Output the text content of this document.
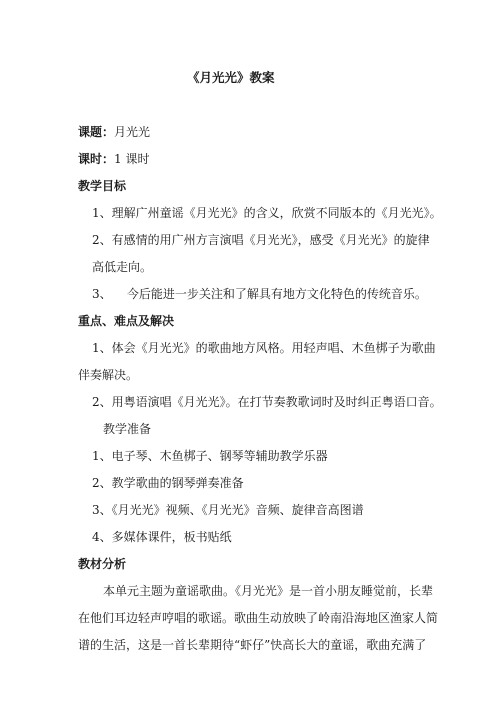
《月光光》教案
课题：月光光
课时：1 课时
教学目标
1、理解广州童谣《月光光》的含义，欣赏不同版本的《月光光》。
2、有感情的用广州方言演唱《月光光》，感受《月光光》的旋律
高低走向。
3、    今后能进一步关注和了解具有地方文化特色的传统音乐。
重点、难点及解决
1、体会《月光光》的歌曲地方风格。用轻声唱、木鱼梆子为歌曲
伴奏解决。
2、用粤语演唱《月光光》。在打节奏教歌词时及时纠正粤语口音。
教学准备
1、电子琴、木鱼梆子、钢琴等辅助教学乐器
2、教学歌曲的钢琴弹奏准备
3、《月光光》视频、《月光光》音频、旋律音高图谱
4、多媒体课件，板书贴纸
教材分析
本单元主题为童谣歌曲。《月光光》是一首小朋友睡觉前，长辈
在他们耳边轻声哼唱的歌谣。歌曲生动放映了岭南沿海地区渔家人简
谱的生活，这是一首长辈期待“虾仔”快高长大的童谣，歌曲充满了
